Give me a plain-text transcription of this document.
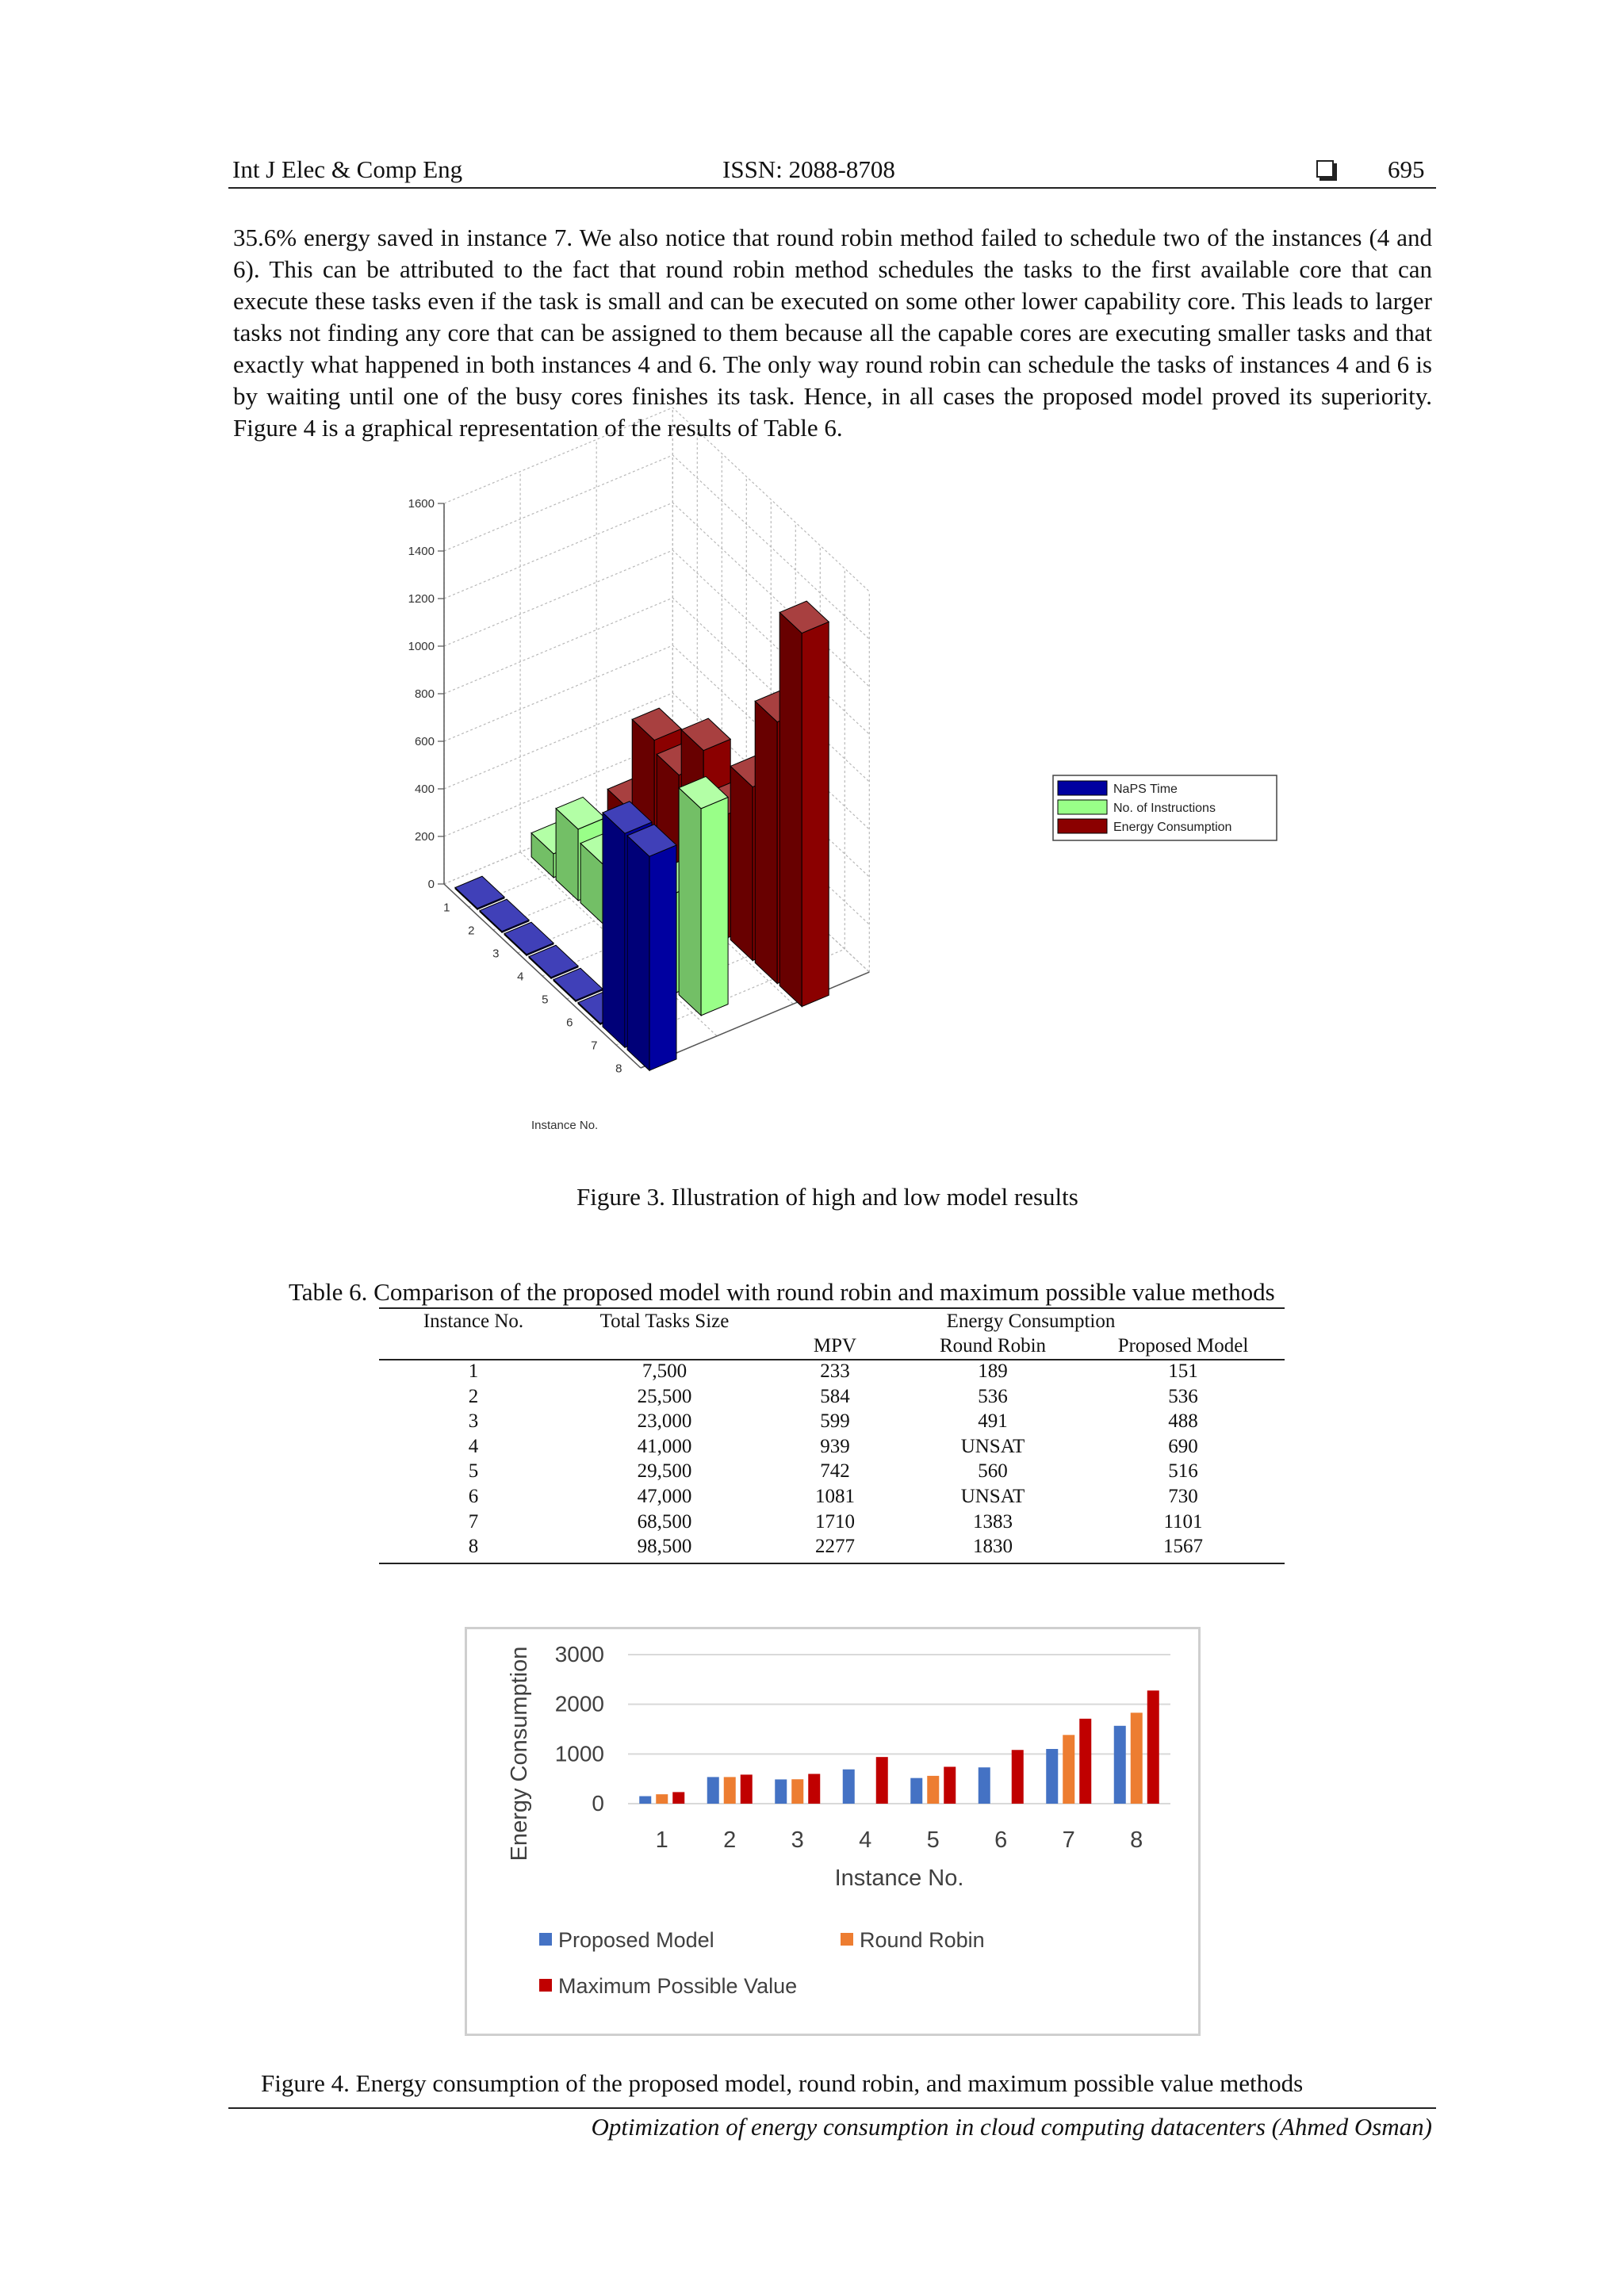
Int J Elec & Comp Eng	ISSN: 2088-8708	695

35.6% energy saved in instance 7. We also notice that round robin method failed to schedule two of the instances (4 and 6). This can be attributed to the fact that round robin method schedules the tasks to the first available core that can execute these tasks even if the task is small and can be executed on some other lower capability core. This leads to larger tasks not finding any core that can be assigned to them because all the capable cores are executing smaller tasks and that exactly what happened in both instances 4 and 6. The only way round robin can schedule the tasks of instances 4 and 6 is by waiting until one of the busy cores finishes its task. Hence, in all cases the proposed model proved its superiority. Figure 4 is a graphical representation of the results of Table 6.

0
200
400
600
800
1000
1200
1400
1600
1
2
3
4
5
6
7
8
Instance No.
NaPS Time
No. of Instructions
Energy Consumption
Figure 3. Illustration of high and low model results
Table 6. Comparison of the proposed model with round robin and maximum possible value methods
Instance No.	Total Tasks Size	Energy Consumption
MPV	Round Robin	Proposed Model
1	7,500	233	189	151
2	25,500	584	536	536
3	23,000	599	491	488
4	41,000	939	UNSAT	690
5	29,500	742	560	516
6	47,000	1081	UNSAT	730
7	68,500	1710	1383	1101
8	98,500	2277	1830	1567
0
1000
2000
3000
1 2 3 4 5 6 7 8
Instance No.
Energy Consumption
Proposed Model	Round Robin
Maximum Possible Value
Figure 4. Energy consumption of the proposed model, round robin, and maximum possible value methods
Optimization of energy consumption in cloud computing datacenters (Ahmed Osman)
